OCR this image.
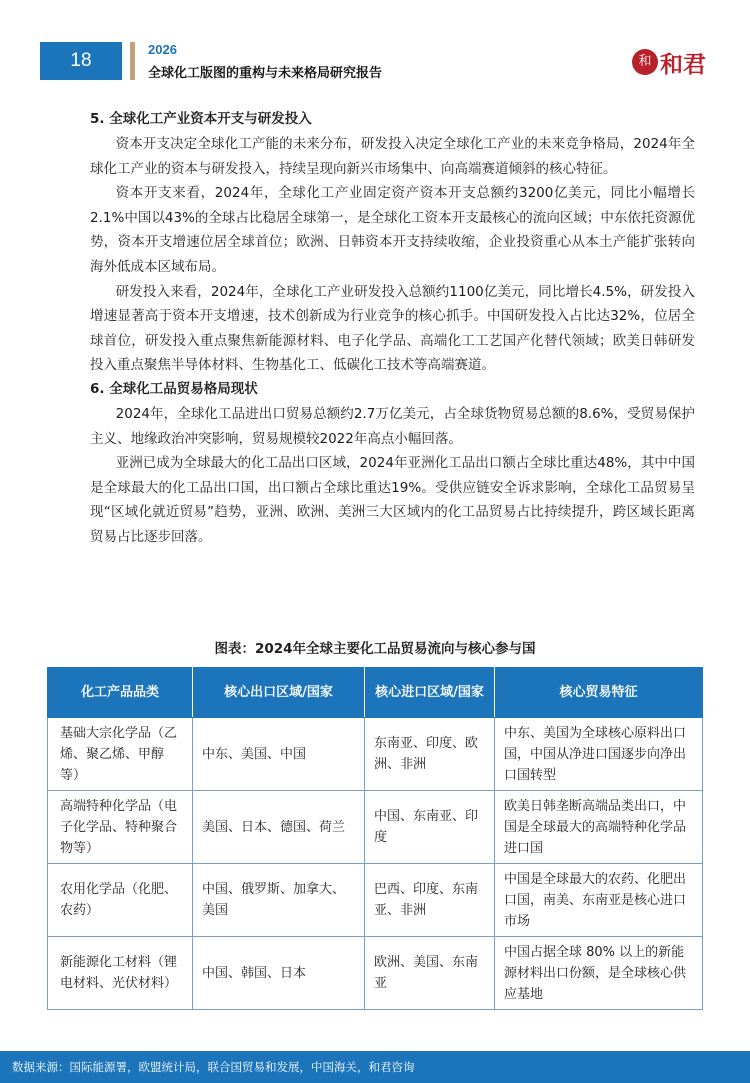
18
2026
全球化工版图的重构与未来格局研究报告
和 和君
5. 全球化工产业资本开支与研发投入

资本开支决定全球化工产能的未来分布，研发投入决定全球化工产业的未来竞争格局，2024年全球化工产业的资本与研发投入，持续呈现向新兴市场集中、向高端赛道倾斜的核心特征。

资本开支来看，2024年，全球化工产业固定资产资本开支总额约3200亿美元，同比小幅增长2.1%中国以43%的全球占比稳居全球第一，是全球化工资本开支最核心的流向区域；中东依托资源优势，资本开支增速位居全球首位；欧洲、日韩资本开支持续收缩，企业投资重心从本土产能扩张转向海外低成本区域布局。

研发投入来看，2024年，全球化工产业研发投入总额约1100亿美元，同比增长4.5%，研发投入增速显著高于资本开支增速，技术创新成为行业竞争的核心抓手。中国研发投入占比达32%，位居全球首位，研发投入重点聚焦新能源材料、电子化学品、高端化工工艺国产化替代领域；欧美日韩研发投入重点聚焦半导体材料、生物基化工、低碳化工技术等高端赛道。

6. 全球化工品贸易格局现状

2024年，全球化工品进出口贸易总额约2.7万亿美元，占全球货物贸易总额的8.6%，受贸易保护主义、地缘政治冲突影响，贸易规模较2022年高点小幅回落。

亚洲已成为全球最大的化工品出口区域，2024年亚洲化工品出口额占全球比重达48%，其中中国是全球最大的化工品出口国，出口额占全球比重达19%。受供应链安全诉求影响，全球化工品贸易呈现“区域化就近贸易”趋势，亚洲、欧洲、美洲三大区域内的化工品贸易占比持续提升，跨区域长距离贸易占比逐步回落。

图表：2024年全球主要化工品贸易流向与核心参与国
化工产品品类	核心出口区域/国家	核心进口区域/国家	核心贸易特征
基础大宗化学品（乙烯、聚乙烯、甲醇等）	中东、美国、中国	东南亚、印度、欧洲、非洲	中东、美国为全球核心原料出口国，中国从净进口国逐步向净出口国转型
高端特种化学品（电子化学品、特种聚合物等）	美国、日本、德国、荷兰	中国、东南亚、印度	欧美日韩垄断高端品类出口，中国是全球最大的高端特种化学品进口国
农用化学品（化肥、农药）	中国、俄罗斯、加拿大、美国	巴西、印度、东南亚、非洲	中国是全球最大的农药、化肥出口国，南美、东南亚是核心进口市场
新能源化工材料（锂电材料、光伏材料）	中国、韩国、日本	欧洲、美国、东南亚	中国占据全球 80% 以上的新能源材料出口份额，是全球核心供应基地
数据来源：国际能源署，欧盟统计局，联合国贸易和发展，中国海关，和君咨询
